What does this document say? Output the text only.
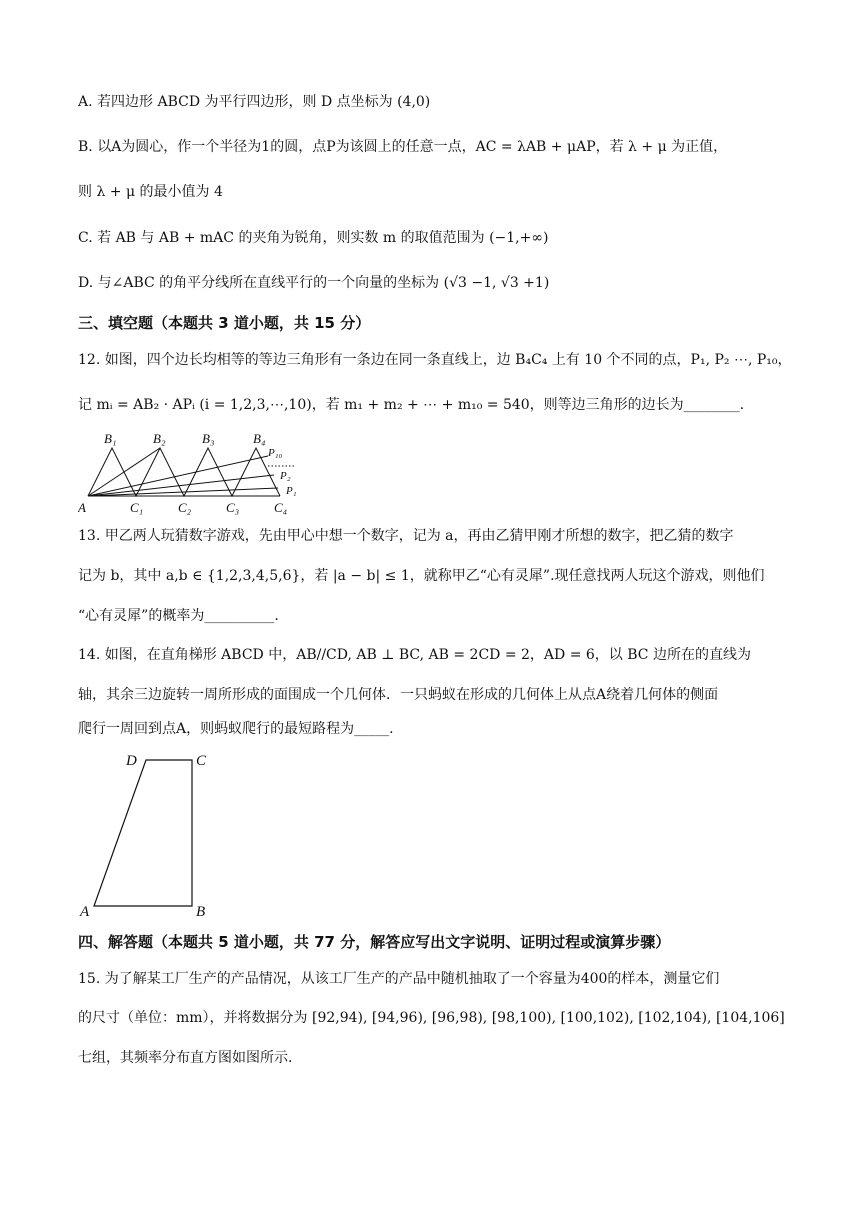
A. 若四边形 ABCD 为平行四边形，则 D 点坐标为 (4,0)
B. 以A为圆心，作一个半径为1的圆，点P为该圆上的任意一点，AC = λAB + μAP，若 λ + μ 为正值，
则 λ + μ 的最小值为 4
C. 若 AB 与 AB + mAC 的夹角为锐角，则实数 m 的取值范围为 (−1,+∞)
D. 与∠ABC 的角平分线所在直线平行的一个向量的坐标为 (√3 −1, √3 +1)
三、填空题（本题共 3 道小题，共 15 分）
12. 如图，四个边长均相等的等边三角形有一条边在同一条直线上，边 B₄C₄ 上有 10 个不同的点，P₁, P₂ ⋯, P₁₀，
记 mᵢ = AB₂ · APᵢ (i = 1,2,3,⋯,10)，若 m₁ + m₂ + ⋯ + m₁₀ = 540，则等边三角形的边长为________.
B₁	B₂	B₃	B₄
P₁₀
P₂
P₁
A	C₁	C₂	C₃	C₄
13. 甲乙两人玩猜数字游戏，先由甲心中想一个数字，记为 a，再由乙猜甲刚才所想的数字，把乙猜的数字
记为 b，其中 a,b ∈ {1,2,3,4,5,6}，若 |a − b| ≤ 1，就称甲乙“心有灵犀”.现任意找两人玩这个游戏，则他们
“心有灵犀”的概率为__________.
14. 如图，在直角梯形 ABCD 中，AB//CD, AB ⊥ BC, AB = 2CD = 2，AD = 6，以 BC 边所在的直线为
轴，其余三边旋转一周所形成的面围成一个几何体．一只蚂蚁在形成的几何体上从点A绕着几何体的侧面
爬行一周回到点A，则蚂蚁爬行的最短路程为_____.
D	C
A	B
四、解答题（本题共 5 道小题，共 77 分，解答应写出文字说明、证明过程或演算步骤）
15. 为了解某工厂生产的产品情况，从该工厂生产的产品中随机抽取了一个容量为400的样本，测量它们
的尺寸（单位：mm），并将数据分为 [92,94), [94,96), [96,98), [98,100), [100,102), [102,104), [104,106]
七组，其频率分布直方图如图所示.
